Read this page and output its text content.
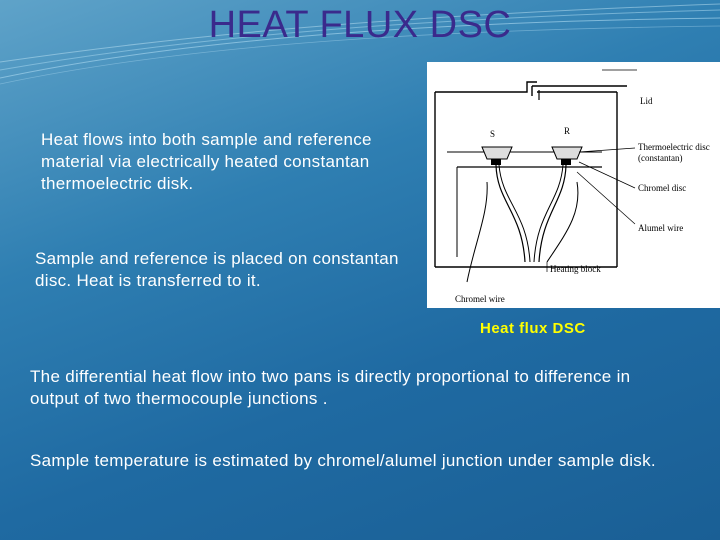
HEAT FLUX DSC
Heat flows into both sample and reference material via electrically heated constantan thermoelectric disk.
Sample and reference is placed on constantan disc. Heat is transferred to it.
Lid
S	R
Thermoelectric disc
(constantan)
Chromel disc
Alumel wire
Heating block
Chromel wire
Heat flux DSC
The differential heat flow into two pans is directly proportional to difference in output of two thermocouple junctions .
Sample temperature is estimated by chromel/alumel junction under sample disk.
